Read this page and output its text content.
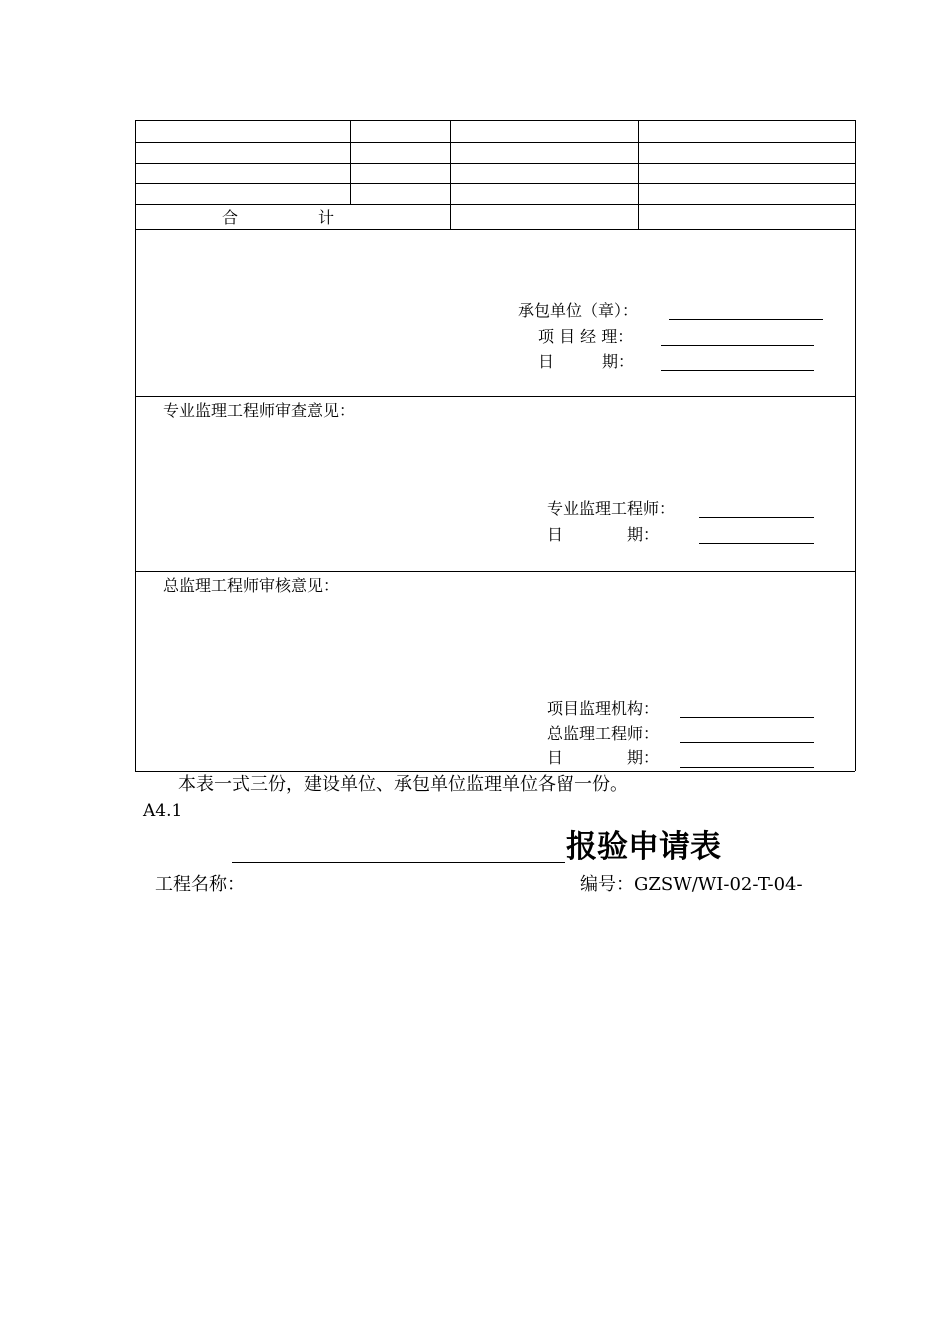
合　　　　　计
承包单位（章）：
项 目 经 理：
日　　　期：
专业监理工程师审查意见：
专业监理工程师：
日　　　　期：
总监理工程师审核意见：
项目监理机构：
总监理工程师：
日　　　　期：
本表一式三份，建设单位、承包单位监理单位各留一份。
A4.1
报验申请表
工程名称：	编号：GZSW/WI-02-T-04-
